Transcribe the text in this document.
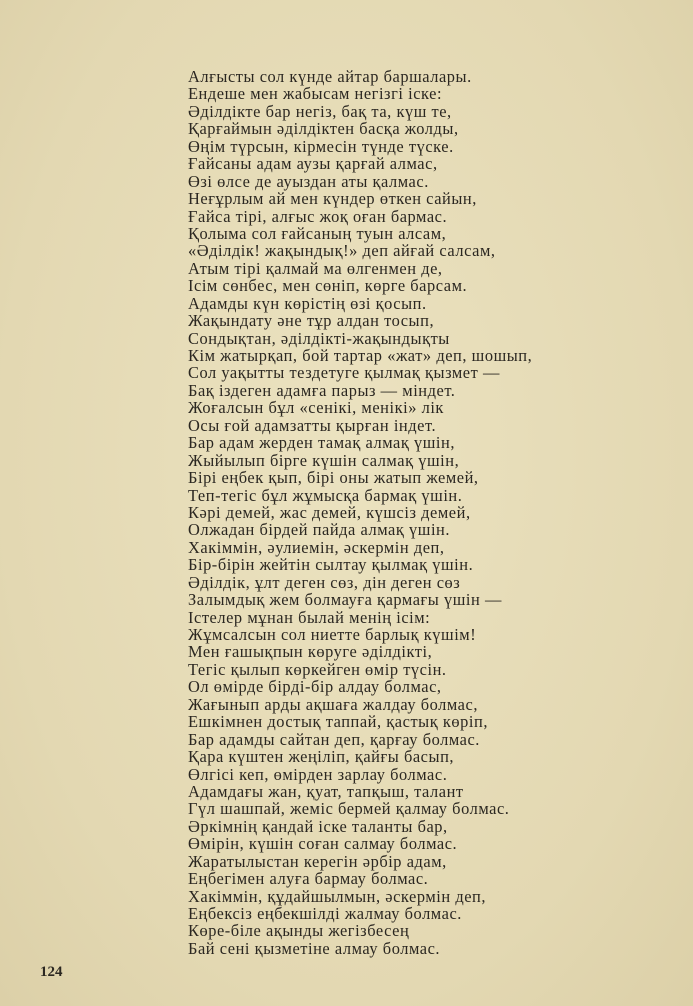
Алғысты сол күнде айтар баршалары.
Ендеше мен жабысам негізгі іске:
Әділдікте бар негіз, бақ та, күш те,
Қарғаймын әділдіктен басқа жолды,
Өңім түрсын, кірмесін түнде түске.
Ғайсаны адам аузы қарғай алмас,
Өзі өлсе де ауыздан аты қалмас.
Неғұрлым ай мен күндер өткен сайын,
Ғайса тірі, алғыс жоқ оған бармас.
Қолыма сол ғайсаның туын алсам,
«Әділдік! жақындық!» деп айғай салсам,
Атым тірі қалмай ма өлгенмен де,
Ісім сөнбес, мен сөніп, көрге барсам.
Адамды күн көрістің өзі қосып.
Жақындату әне тұр алдан тосып,
Сондықтан, әділдікті-жақындықты
Кім жатырқап, бой тартар «жат» деп, шошып,
Сол уақытты тездетуге қылмақ қызмет —
Бақ іздеген адамға парыз — міндет.
Жоғалсын бұл «сенікі, менікі» лік
Осы ғой адамзатты қырған індет.
Бар адам жерден тамақ алмақ үшін,
Жыйылып бірге күшін салмақ үшін,
Бірі еңбек қып, бірі оны жатып жемей,
Теп-тегіс бұл жұмысқа бармақ үшін.
Кәрі демей, жас демей, күшсіз демей,
Олжадан бірдей пайда алмақ үшін.
Хакіммін, әулиемін, әскермін деп,
Бір-бірін жейтін сылтау қылмақ үшін.
Әділдік, ұлт деген сөз, дін деген сөз
Залымдық жем болмауға қармағы үшін —
Істелер мұнан былай менің ісім:
Жұмсалсын сол ниетте барлық күшім!
Мен ғашықпын көруге әділдікті,
Тегіс қылып көркейген өмір түсін.
Ол өмірде бірді-бір алдау болмас,
Жағынып арды ақшаға жалдау болмас,
Ешкімнен достық таппай, қастық көріп,
Бар адамды сайтан деп, қарғау болмас.
Қара күштен жеңіліп, қайғы басып,
Өлгісі кеп, өмірден зарлау болмас.
Адамдағы жан, қуат, тапқыш, талант
Гүл шашпай, жеміс бермей қалмау болмас.
Әркімнің қандай іске таланты бар,
Өмірін, күшін соған салмау болмас.
Жаратылыстан керегін әрбір адам,
Еңбегімен алуға бармау болмас.
Хакіммін, құдайшылмын, әскермін деп,
Еңбексіз еңбекшілді жалмау болмас.
Көре-біле ақынды жегізбесең
Бай сені қызметіне алмау болмас.
124
